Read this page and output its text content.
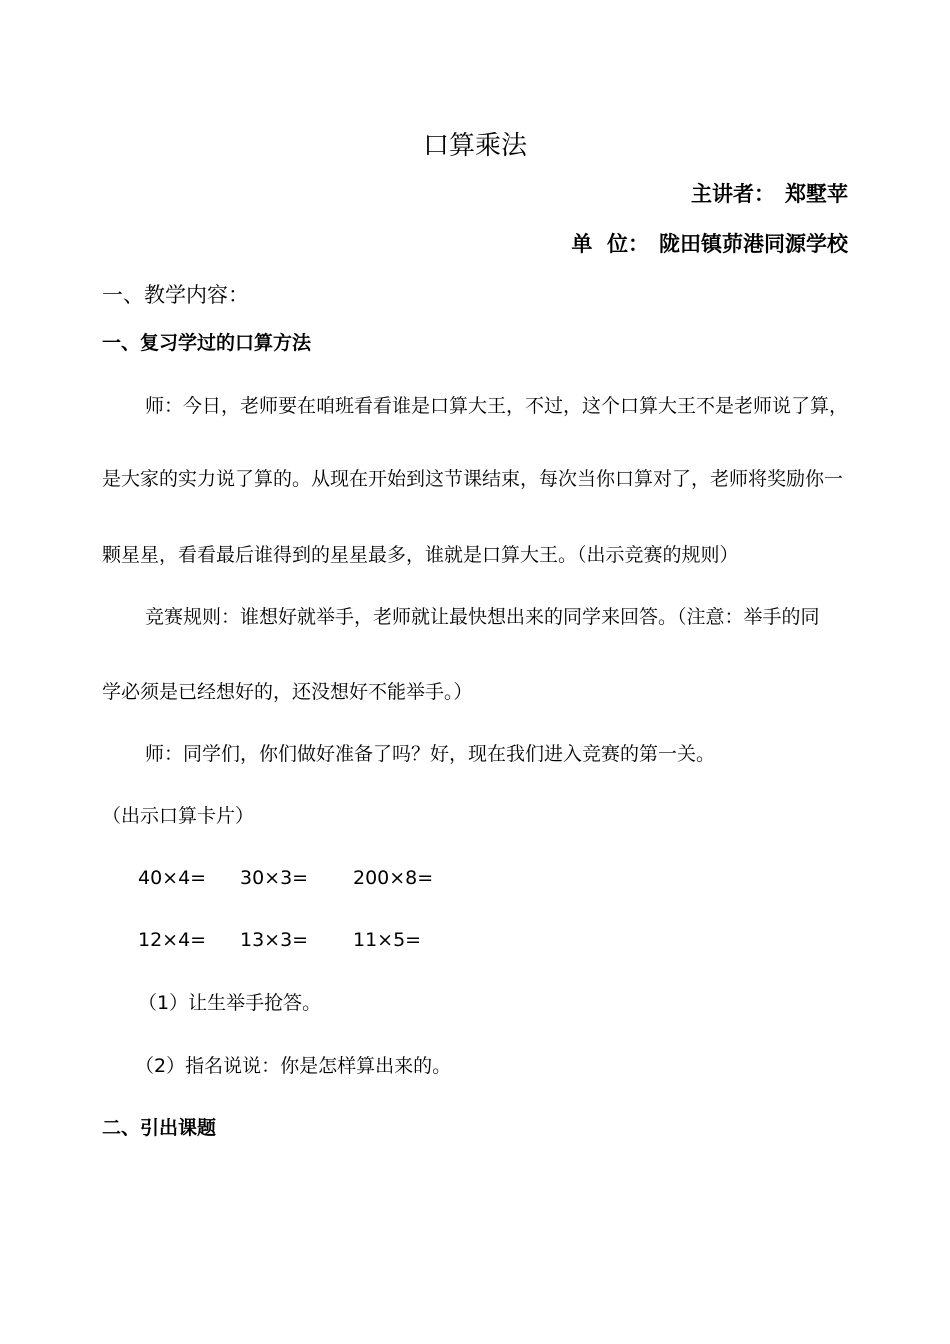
口算乘法
主讲者： 郑墅苹
单  位： 陇田镇茆港同源学校
一、教学内容：
一、复习学过的口算方法
师：今日，老师要在咱班看看谁是口算大王，不过，这个口算大王不是老师说了算，
是大家的实力说了算的。从现在开始到这节课结束，每次当你口算对了，老师将奖励你一
颗星星，看看最后谁得到的星星最多，谁就是口算大王。（出示竞赛的规则）
竞赛规则：谁想好就举手，老师就让最快想出来的同学来回答。（注意：举手的同
学必须是已经想好的，还没想好不能举手。）
师：同学们，你们做好准备了吗？好，现在我们进入竞赛的第一关。
（出示口算卡片）
40×4= 30×3= 200×8=
12×4= 13×3= 11×5=
（1）让生举手抢答。
（2）指名说说：你是怎样算出来的。
二、引出课题
